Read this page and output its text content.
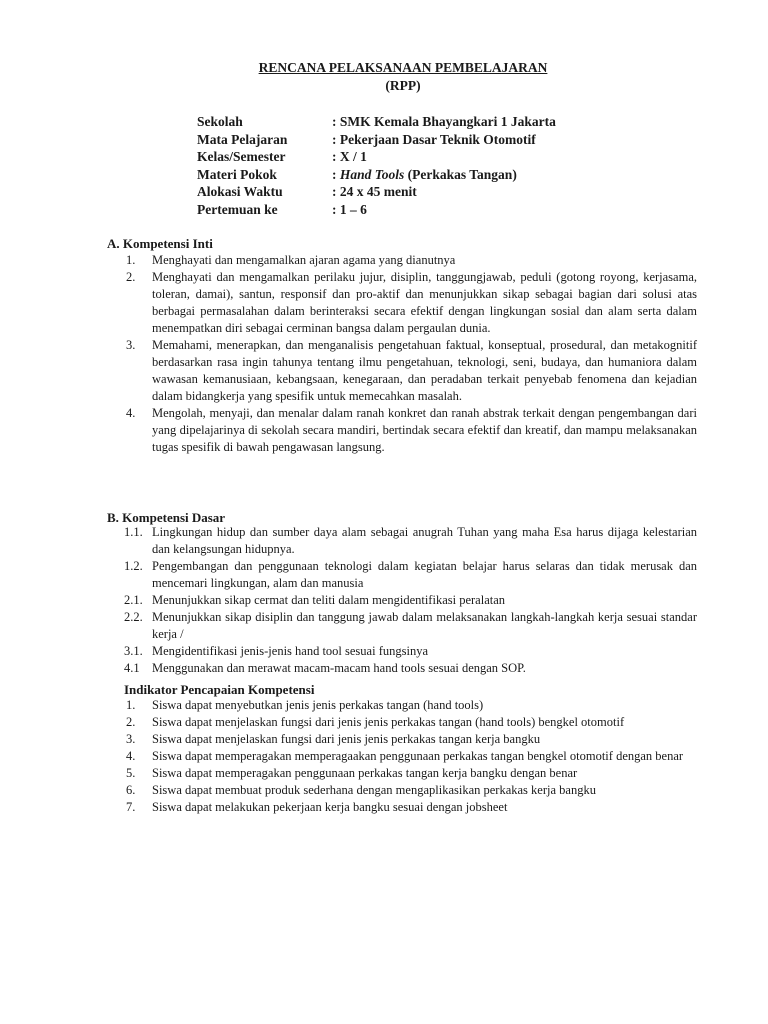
RENCANA PELAKSANAAN PEMBELAJARAN
(RPP)
Sekolah	: SMK Kemala Bhayangkari 1 Jakarta
Mata Pelajaran	: Pekerjaan Dasar Teknik Otomotif
Kelas/Semester	: X / 1
Materi Pokok	: Hand Tools (Perkakas Tangan)
Alokasi Waktu	: 24 x 45 menit
Pertemuan ke	: 1 – 6
A. Kompetensi Inti
1. Menghayati dan mengamalkan ajaran agama yang dianutnya
2. Menghayati dan mengamalkan perilaku jujur, disiplin, tanggungjawab, peduli (gotong royong, kerjasama, toleran, damai), santun, responsif dan pro-aktif dan menunjukkan sikap sebagai bagian dari solusi atas berbagai permasalahan dalam berinteraksi secara efektif dengan lingkungan sosial dan alam serta dalam menempatkan diri sebagai cerminan bangsa dalam pergaulan dunia.
3. Memahami, menerapkan, dan menganalisis pengetahuan faktual, konseptual, prosedural, dan metakognitif berdasarkan rasa ingin tahunya tentang ilmu pengetahuan, teknologi, seni, budaya, dan humaniora dalam wawasan kemanusiaan, kebangsaan, kenegaraan, dan peradaban terkait penyebab fenomena dan kejadian dalam bidangkerja yang spesifik untuk memecahkan masalah.
4. Mengolah, menyaji, dan menalar dalam ranah konkret dan ranah abstrak terkait dengan pengembangan dari yang dipelajarinya di sekolah secara mandiri, bertindak secara efektif dan kreatif, dan mampu melaksanakan tugas spesifik di bawah pengawasan langsung.
B. Kompetensi Dasar
1.1. Lingkungan hidup dan sumber daya alam sebagai anugrah Tuhan yang maha Esa harus dijaga kelestarian dan kelangsungan hidupnya.
1.2. Pengembangan dan penggunaan teknologi dalam kegiatan belajar harus selaras dan tidak merusak dan mencemari lingkungan, alam dan manusia
2.1. Menunjukkan sikap cermat dan teliti dalam mengidentifikasi peralatan
2.2. Menunjukkan sikap disiplin dan tanggung jawab dalam melaksanakan langkah-langkah kerja sesuai standar kerja /
3.1. Mengidentifikasi jenis-jenis hand tool sesuai fungsinya
4.1 Menggunakan dan merawat macam-macam hand tools sesuai dengan SOP.
Indikator Pencapaian Kompetensi
1. Siswa dapat menyebutkan jenis jenis perkakas tangan (hand tools)
2. Siswa dapat menjelaskan fungsi dari jenis jenis perkakas tangan (hand tools) bengkel otomotif
3. Siswa dapat menjelaskan fungsi dari jenis jenis perkakas tangan kerja bangku
4. Siswa dapat memperagakan memperagaakan penggunaan perkakas tangan bengkel otomotif dengan benar
5. Siswa dapat memperagakan penggunaan perkakas tangan kerja bangku dengan benar
6. Siswa dapat membuat produk sederhana dengan mengaplikasikan perkakas kerja bangku
7. Siswa dapat melakukan pekerjaan kerja bangku sesuai dengan jobsheet
